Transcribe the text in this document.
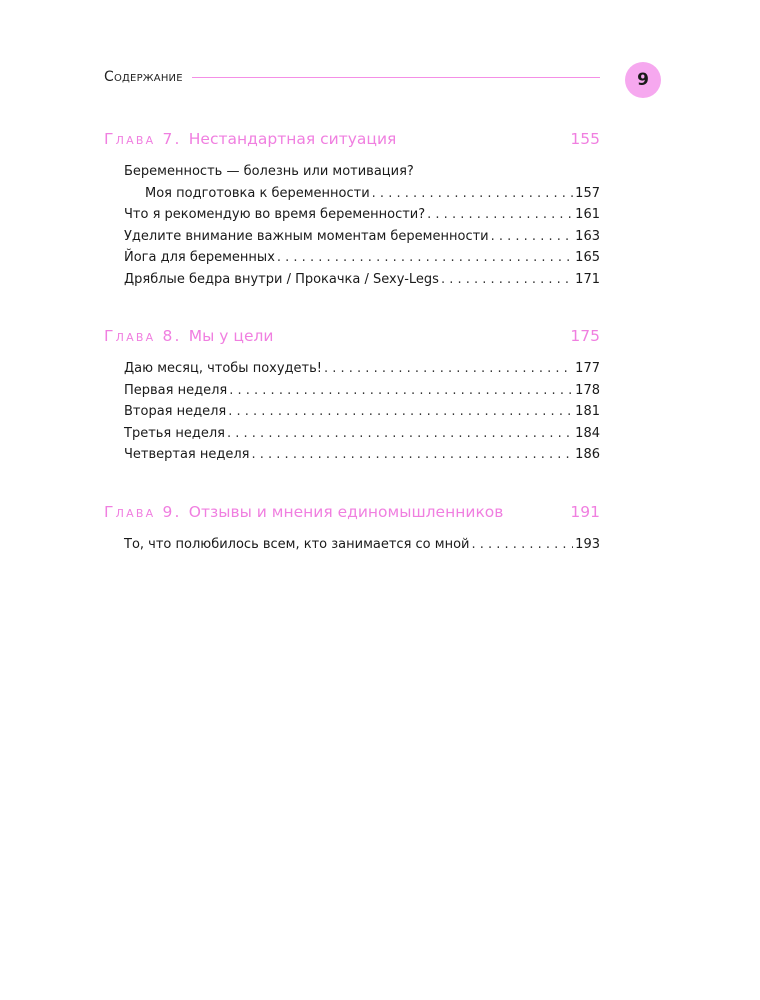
Содержание	9
Глава 7. Нестандартная ситуация	155
Беременность — болезнь или мотивация?
Моя подготовка к беременности . . .	157
Что я рекомендую во время беременности? . . .	161
Уделите внимание важным моментам беременности . . .	163
Йога для беременных . . .	165
Дряблые бедра внутри / Прокачка / Sexy-Legs . . .	171
Глава 8. Мы у цели	175
Даю месяц, чтобы похудеть! . . .	177
Первая неделя . . .	178
Вторая неделя . . .	181
Третья неделя . . .	184
Четвертая неделя . . .	186
Глава 9. Отзывы и мнения единомышленников	191
То, что полюбилось всем, кто занимается со мной . . .	193
